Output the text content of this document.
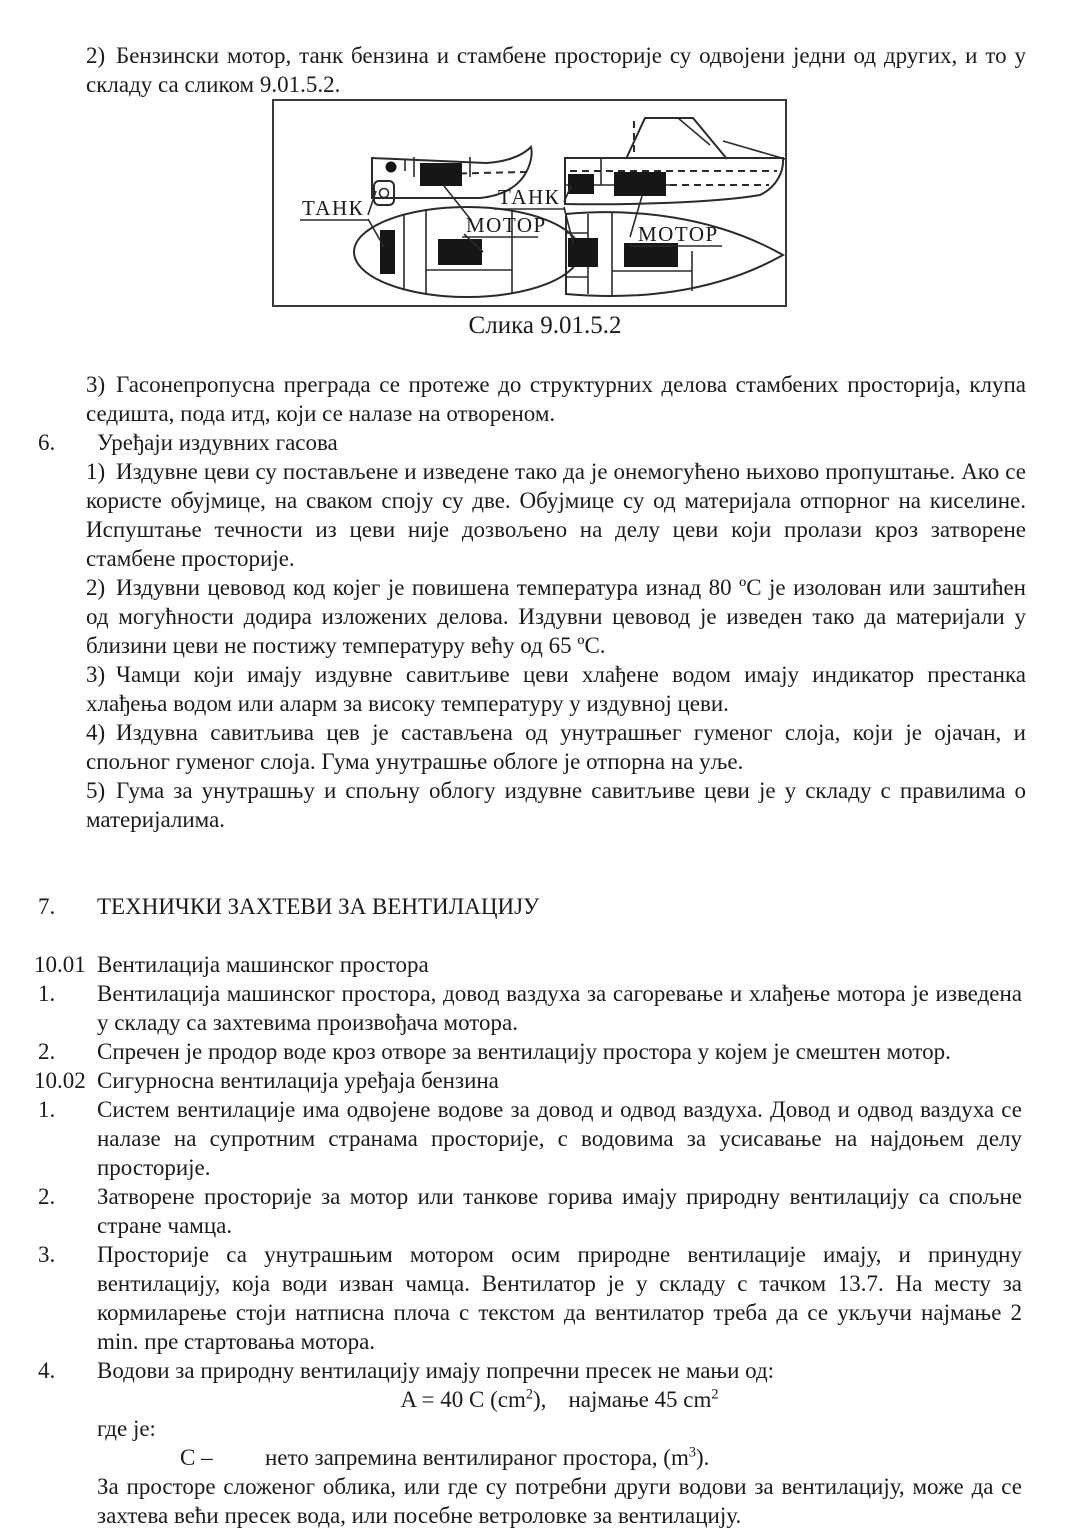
2) Бензински мотор, танк бензина и стамбене просторије су одвојени једни од других, и то у складу са сликом 9.01.5.2.

ТАНК
МОТОР
ТАНК
МОТОР
Слика 9.01.5.2

3) Гасонепропусна преграда се протеже до структурних делова стамбених просторија, клупа седишта, пода итд, који се налазе на отвореном.

6.	Уређаји издувних гасова

1) Издувне цеви су постављене и изведене тако да је онемогућено њихово пропуштање. Ако се користе обујмице, на сваком споју су две. Обујмице су од материјала отпорног на киселине. Испуштање течности из цеви није дозвољено на делу цеви који пролази кроз затворене стамбене просторије.

2) Издувни цевовод код којег је повишена температура изнад 80 ºC је изолован или заштићен од могућности додира изложених делова. Издувни цевовод је изведен тако да материјали у близини цеви не постижу температуру већу од 65 ºC.

3) Чамци који имају издувне савитљиве цеви хлађене водом имају индикатор престанка хлађења водом или аларм за високу температуру у издувној цеви.

4) Издувна савитљива цев је састављена од унутрашњег гуменог слоја, који је ојачан, и спољног гуменог слоја. Гума унутрашње облоге је отпорна на уље.

5) Гума за унутрашњу и спољну облогу издувне савитљиве цеви је у складу с правилима о материјалима.

7.	ТЕХНИЧКИ ЗАХТЕВИ ЗА ВЕНТИЛАЦИЈУ
10.01 Вентилација машинског простора
1.	Вентилација машинског простора, довод ваздуха за сагоревање и хлађење мотора је изведена у складу са захтевима произвођача мотора.
2.	Спречен је продор воде кроз отворе за вентилацију простора у којем је смештен мотор.
10.02 Сигурносна вентилација уређаја бензина
1.	Систем вентилације има одвојене водове за довод и одвод ваздуха. Довод и одвод ваздуха се налазе на супротним странама просторије, с водовима за усисавање на најдоњем делу просторије.
2.	Затворене просторије за мотор или танкове горива имају природну вентилацију са спољне стране чамца.
3.	Просторије са унутрашњим мотором осим природне вентилације имају, и принудну вентилацију, која води изван чамца. Вентилатор је у складу с тачком 13.7. На месту за кормиларење стоји натписна плоча с текстом да вентилатор треба да се укључи најмање 2 min. пре стартовања мотора.
4.	Водови за природну вентилацију имају попречни пресек не мањи од:
A = 40 C $(cm^2)$, најмање 45 $cm^2$

где је:

C – нето запремина вентилираног простора, $(m^3)$.

За просторе сложеног облика, или где су потребни други водови за вентилацију, може да се захтева већи пресек вода, или посебне ветроловке за вентилацију.
